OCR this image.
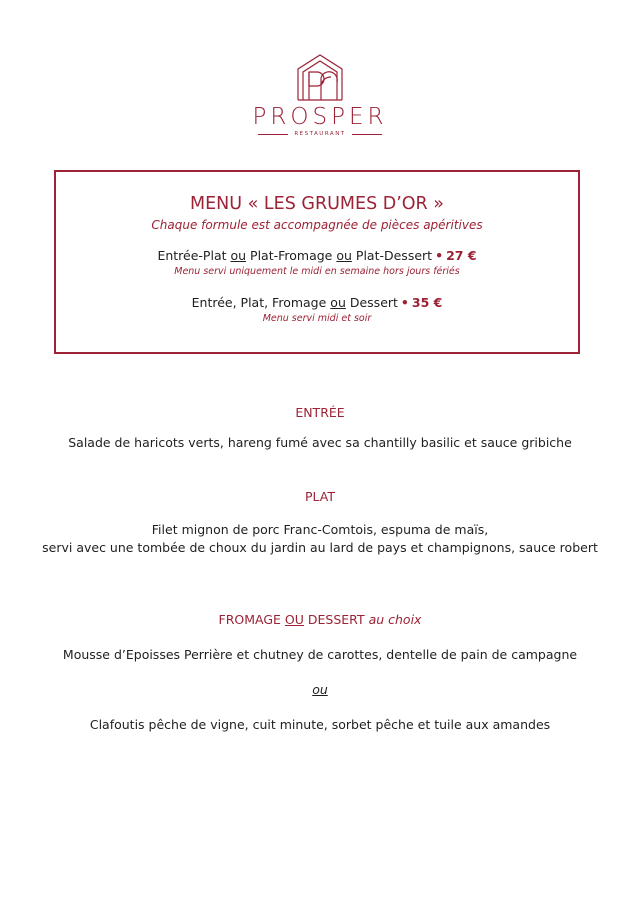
PROSPER
RESTAURANT
MENU « LES GRUMES D’OR »
Chaque formule est accompagnée de pièces apéritives
Entrée-Plat ou Plat-Fromage ou Plat-Dessert • 27 €
Menu servi uniquement le midi en semaine hors jours fériés
Entrée, Plat, Fromage ou Dessert • 35 €
Menu servi midi et soir
ENTRÉE
Salade de haricots verts, hareng fumé avec sa chantilly basilic et sauce gribiche
PLAT
Filet mignon de porc Franc-Comtois, espuma de maïs,
servi avec une tombée de choux du jardin au lard de pays et champignons, sauce robert
FROMAGE OU DESSERT au choix
Mousse d’Epoisses Perrière et chutney de carottes, dentelle de pain de campagne
ou
Clafoutis pêche de vigne, cuit minute, sorbet pêche et tuile aux amandes
